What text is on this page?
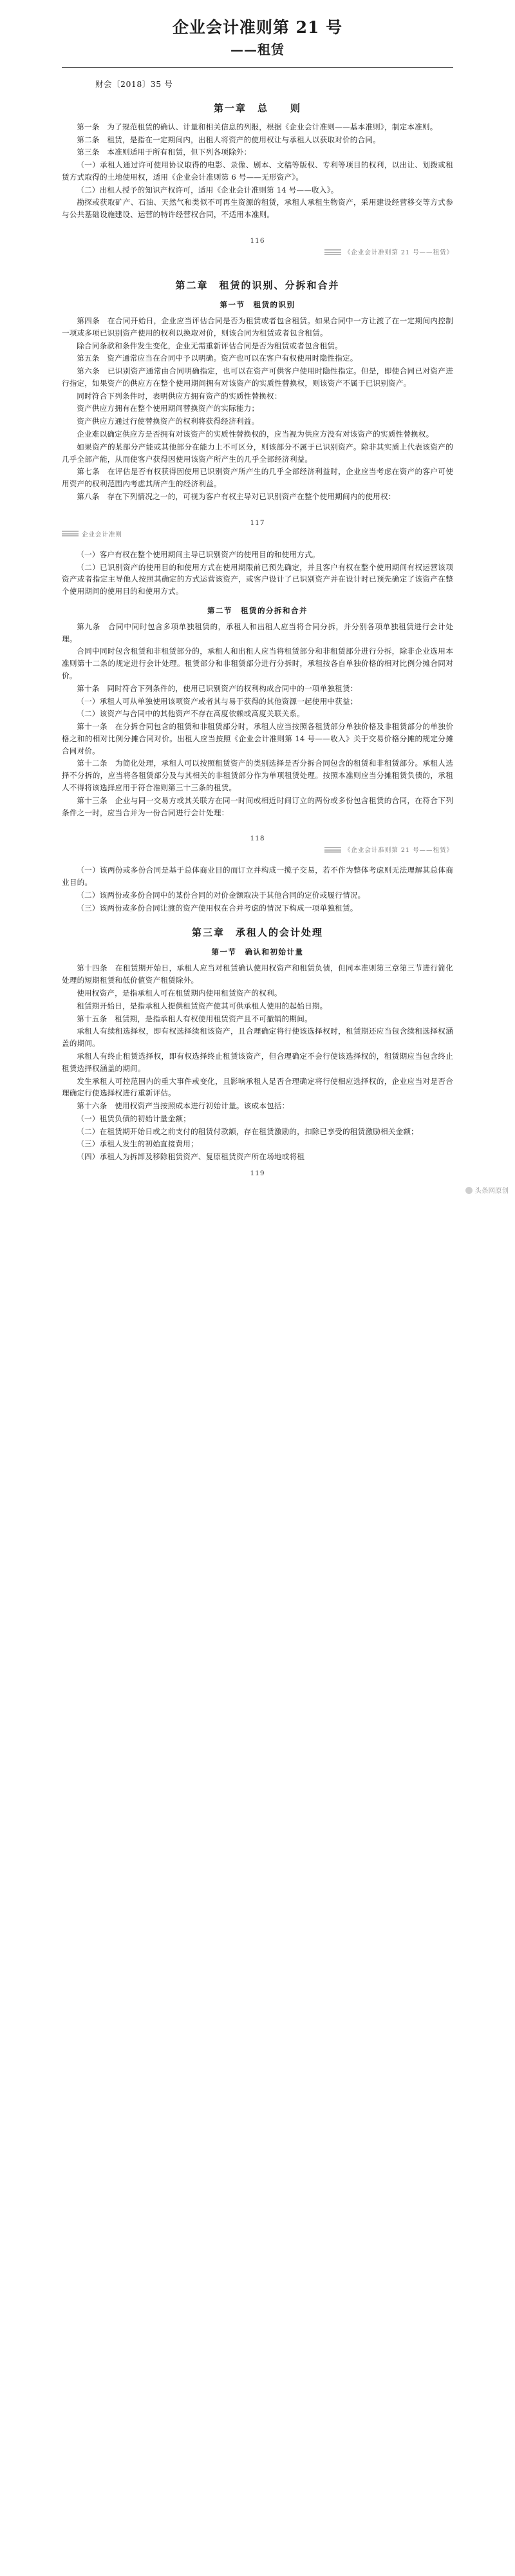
企业会计准则第 21 号
——租赁
财会〔2018〕35 号
第一章　总　　则

第一条　为了规范租赁的确认、计量和相关信息的列报，根据《企业会计准则——基本准则》，制定本准则。

第二条　租赁，是指在一定期间内，出租人将资产的使用权让与承租人以获取对价的合同。

第三条　本准则适用于所有租赁，但下列各项除外：

（一）承租人通过许可使用协议取得的电影、录像、剧本、文稿等版权、专利等项目的权利，以出让、划拨或租赁方式取得的土地使用权，适用《企业会计准则第 6 号——无形资产》。

（二）出租人授予的知识产权许可，适用《企业会计准则第 14 号——收入》。

勘探或获取矿产、石油、天然气和类似不可再生资源的租赁，承租人承租生物资产，采用建设经营移交等方式参与公共基础设施建设、运营的特许经营权合同，不适用本准则。

116
《企业会计准则第 21 号——租赁》
第二章　租赁的识别、分拆和合并
第一节　租赁的识别

第四条　在合同开始日，企业应当评估合同是否为租赁或者包含租赁。如果合同中一方让渡了在一定期间内控制一项或多项已识别资产使用的权利以换取对价，则该合同为租赁或者包含租赁。

除合同条款和条件发生变化，企业无需重新评估合同是否为租赁或者包含租赁。

第五条　资产通常应当在合同中予以明确。资产也可以在客户有权使用时隐性指定。

第六条　已识别资产通常由合同明确指定，也可以在资产可供客户使用时隐性指定。但是，即使合同已对资产进行指定，如果资产的供应方在整个使用期间拥有对该资产的实质性替换权，则该资产不属于已识别资产。

同时符合下列条件时，表明供应方拥有资产的实质性替换权：

资产供应方拥有在整个使用期间替换资产的实际能力；

资产供应方通过行使替换资产的权利将获得经济利益。

企业难以确定供应方是否拥有对该资产的实质性替换权的，应当视为供应方没有对该资产的实质性替换权。

如果资产的某部分产能或其他部分在能力上不可区分，则该部分不属于已识别资产。除非其实质上代表该资产的几乎全部产能，从而使客户获得因使用该资产所产生的几乎全部经济利益。

第七条　在评估是否有权获得因使用已识别资产所产生的几乎全部经济利益时，企业应当考虑在资产的客户可使用资产的权利范围内考虑其所产生的经济利益。

第八条　存在下列情况之一的，可视为客户有权主导对已识别资产在整个使用期间内的使用权：

117
企业会计准则

（一）客户有权在整个使用期间主导已识别资产的使用目的和使用方式。

（二）已识别资产的使用目的和使用方式在使用期限前已预先确定，并且客户有权在整个使用期间有权运营该项资产或者指定主导他人按照其确定的方式运营该资产，或客户设计了已识别资产并在设计时已预先确定了该资产在整个使用期间的使用目的和使用方式。

第二节　租赁的分拆和合并

第九条　合同中同时包含多项单独租赁的，承租人和出租人应当将合同分拆，并分别各项单独租赁进行会计处理。

合同中同时包含租赁和非租赁部分的，承租人和出租人应当将租赁部分和非租赁部分进行分拆，除非企业选用本准则第十二条的规定进行会计处理。租赁部分和非租赁部分进行分拆时，承租按各自单独价格的相对比例分摊合同对价。

第十条　同时符合下列条件的，使用已识别资产的权利构成合同中的一项单独租赁：

（一）承租人可从单独使用该项资产或者其与易于获得的其他资源一起使用中获益；

（二）该资产与合同中的其他资产不存在高度依赖或高度关联关系。

第十一条　在分拆合同包含的租赁和非租赁部分时，承租人应当按照各租赁部分单独价格及非租赁部分的单独价格之和的相对比例分摊合同对价。出租人应当按照《企业会计准则第 14 号——收入》关于交易价格分摊的规定分摊合同对价。

第十二条　为简化处理，承租人可以按照租赁资产的类别选择是否分拆合同包含的租赁和非租赁部分。承租人选择不分拆的，应当将各租赁部分及与其相关的非租赁部分作为单项租赁处理。按照本准则应当分摊租赁负债的，承租人不得将该选择应用于符合准则第三十三条的租赁。

第十三条　企业与同一交易方或其关联方在同一时间或相近时间订立的两份或多份包含租赁的合同，在符合下列条件之一时，应当合并为一份合同进行会计处理：

118
《企业会计准则第 21 号——租赁》

（一）该两份或多份合同是基于总体商业目的而订立并构成一揽子交易，若不作为整体考虑则无法理解其总体商业目的。

（二）该两份或多份合同中的某份合同的对价金额取决于其他合同的定价或履行情况。

（三）该两份或多份合同让渡的资产使用权在合并考虑的情况下构成一项单独租赁。

第三章　承租人的会计处理
第一节　确认和初始计量

第十四条　在租赁期开始日，承租人应当对租赁确认使用权资产和租赁负债，但同本准则第三章第三节进行简化处理的短期租赁和低价值资产租赁除外。

使用权资产，是指承租人可在租赁期内使用租赁资产的权利。

租赁期开始日，是指承租人提供租赁资产使其可供承租人使用的起始日期。

第十五条　租赁期，是指承租人有权使用租赁资产且不可撤销的期间。

承租人有续租选择权，即有权选择续租该资产，且合理确定将行使该选择权时，租赁期还应当包含续租选择权涵盖的期间。

承租人有终止租赁选择权，即有权选择终止租赁该资产，但合理确定不会行使该选择权的，租赁期应当包含终止租赁选择权涵盖的期间。

发生承租人可控范围内的重大事件或变化，且影响承租人是否合理确定将行使相应选择权的，企业应当对是否合理确定行使选择权进行重新评估。

第十六条　使用权资产当按照成本进行初始计量。该成本包括：

（一）租赁负债的初始计量金额；

（二）在租赁期开始日或之前支付的租赁付款额，存在租赁激励的，扣除已享受的租赁激励相关金额；

（三）承租人发生的初始直接费用；

（四）承租人为拆卸及移除租赁资产、复原租赁资产所在场地或将租

119
头条网原创
